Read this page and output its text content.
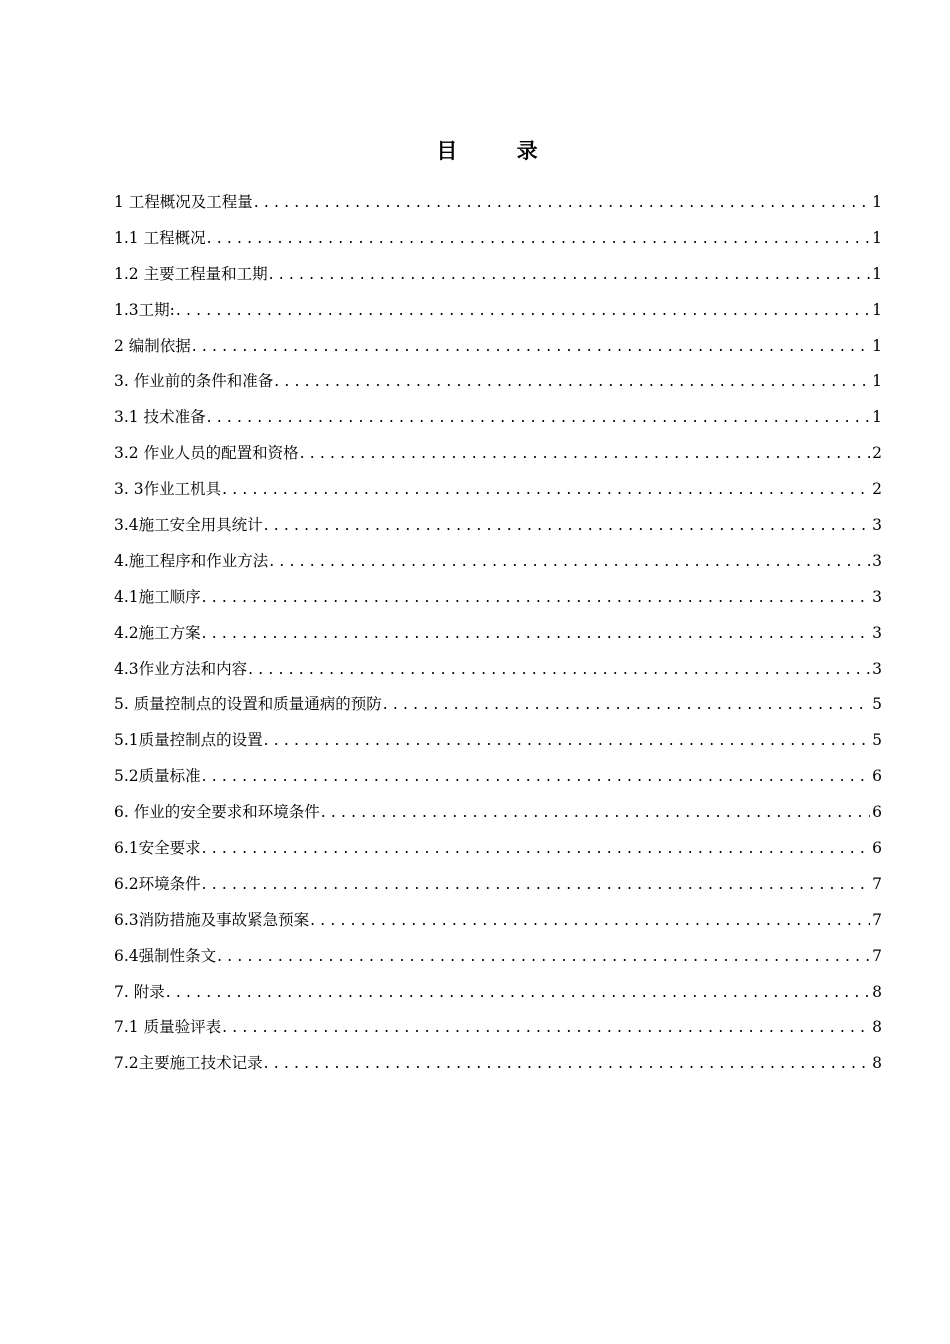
目 录
1 工程概况及工程量 .....	1
1.1 工程概况 .....	1
1.2 主要工程量和工期 .....	1
1.3工期: .....	1
2 编制依据 .....	1
3. 作业前的条件和准备 .....	1
3.1 技术准备 .....	1
3.2 作业人员的配置和资格 .....	2
3. 3作业工机具 .....	2
3.4施工安全用具统计 .....	3
4.施工程序和作业方法 .....	3
4.1施工顺序 .....	3
4.2施工方案 .....	3
4.3作业方法和内容 .....	3
5. 质量控制点的设置和质量通病的预防 .....	5
5.1质量控制点的设置 .....	5
5.2质量标准 .....	6
6. 作业的安全要求和环境条件 .....	6
6.1安全要求 .....	6
6.2环境条件 .....	7
6.3消防措施及事故紧急预案 .....	7
6.4强制性条文 .....	7
7. 附录 .....	8
7.1 质量验评表 .....	8
7.2主要施工技术记录 .....	8
